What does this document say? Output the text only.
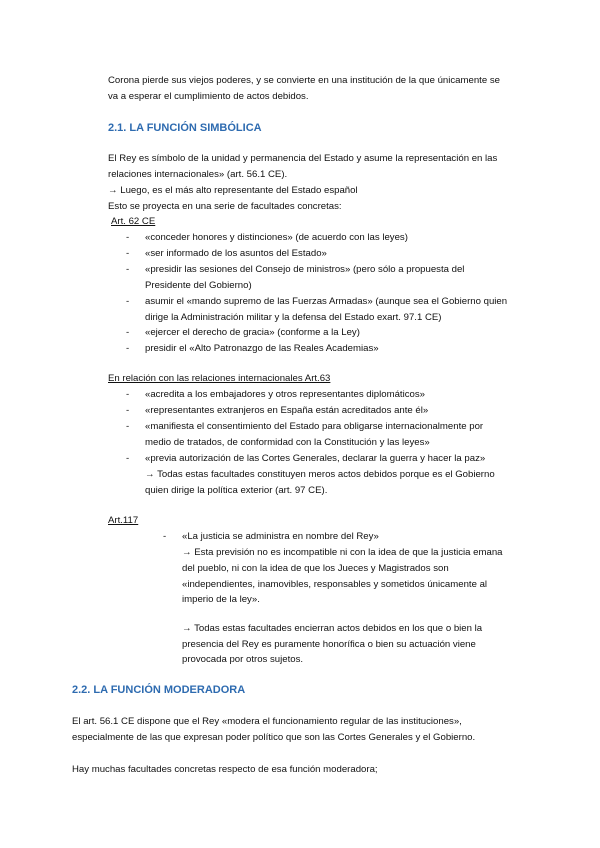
Corona pierde sus viejos poderes, y se convierte en una institución de la que únicamente se
va a esperar el cumplimiento de actos debidos.
2.1. LA FUNCIÓN SIMBÓLICA
El Rey es símbolo de la unidad y permanencia del Estado y asume la representación en las
relaciones internacionales» (art. 56.1 CE).
→ Luego, es el más alto representante del Estado español
Esto se proyecta en una serie de facultades concretas:
Art. 62 CE
- «conceder honores y distinciones» (de acuerdo con las leyes)
- «ser informado de los asuntos del Estado»
- «presidir las sesiones del Consejo de ministros» (pero sólo a propuesta del
Presidente del Gobierno)
- asumir el «mando supremo de las Fuerzas Armadas» (aunque sea el Gobierno quien
dirige la Administración militar y la defensa del Estado exart. 97.1 CE)
- «ejercer el derecho de gracia» (conforme a la Ley)
- presidir el «Alto Patronazgo de las Reales Academias»
En relación con las relaciones internacionales Art.63
- «acredita a los embajadores y otros representantes diplomáticos»
- «representantes extranjeros en España están acreditados ante él»
- «manifiesta el consentimiento del Estado para obligarse internacionalmente por
medio de tratados, de conformidad con la Constitución y las leyes»
- «previa autorización de las Cortes Generales, declarar la guerra y hacer la paz»
→ Todas estas facultades constituyen meros actos debidos porque es el Gobierno
quien dirige la política exterior (art. 97 CE).
Art.117
- «La justicia se administra en nombre del Rey»
→ Esta previsión no es incompatible ni con la idea de que la justicia emana
del pueblo, ni con la idea de que los Jueces y Magistrados son
«independientes, inamovibles, responsables y sometidos únicamente al
imperio de la ley».
→ Todas estas facultades encierran actos debidos en los que o bien la
presencia del Rey es puramente honorífica o bien su actuación viene
provocada por otros sujetos.
2.2. LA FUNCIÓN MODERADORA
El art. 56.1 CE dispone que el Rey «modera el funcionamiento regular de las instituciones»,
especialmente de las que expresan poder político que son las Cortes Generales y el Gobierno.
Hay muchas facultades concretas respecto de esa función moderadora;
